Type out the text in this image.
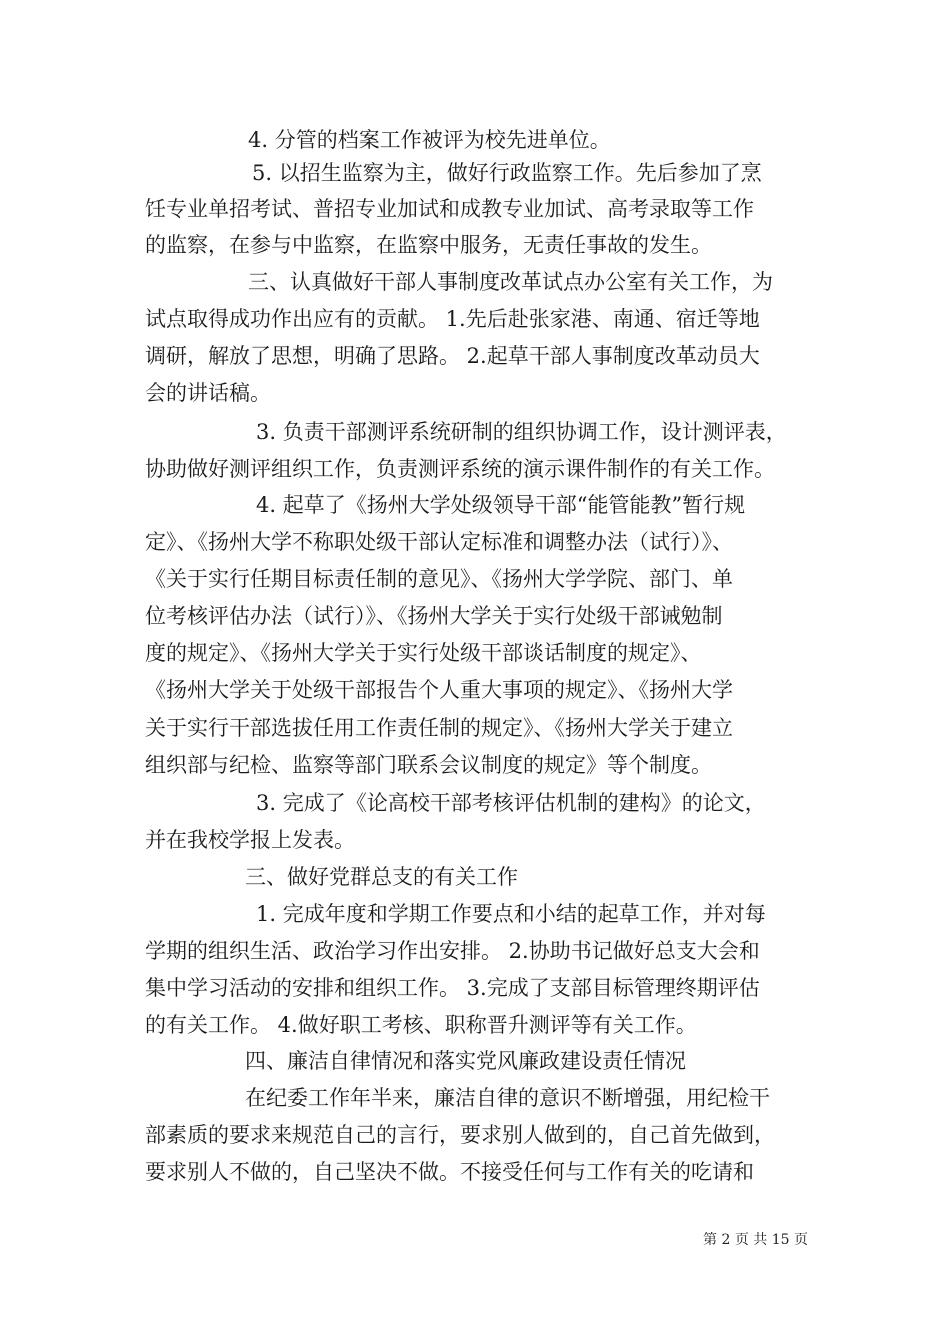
4. 分管的档案工作被评为校先进单位。
5. 以招生监察为主，做好行政监察工作。先后参加了烹
饪专业单招考试、普招专业加试和成教专业加试、高考录取等工作
的监察，在参与中监察，在监察中服务，无责任事故的发生。
三、认真做好干部人事制度改革试点办公室有关工作，为
试点取得成功作出应有的贡献。 1.先后赴张家港、南通、宿迁等地
调研，解放了思想，明确了思路。 2.起草干部人事制度改革动员大
会的讲话稿。
3. 负责干部测评系统研制的组织协调工作，设计测评表，
协助做好测评组织工作，负责测评系统的演示课件制作的有关工作。
4. 起草了《扬州大学处级领导干部“能管能教”暂行规
定》、《扬州大学不称职处级干部认定标准和调整办法（试行）》、
《关于实行任期目标责任制的意见》、《扬州大学学院、部门、单
位考核评估办法（试行）》、《扬州大学关于实行处级干部诫勉制
度的规定》、《扬州大学关于实行处级干部谈话制度的规定》、
《扬州大学关于处级干部报告个人重大事项的规定》、《扬州大学
关于实行干部选拔任用工作责任制的规定》、《扬州大学关于建立
组织部与纪检、监察等部门联系会议制度的规定》等个制度。
3. 完成了《论高校干部考核评估机制的建构》的论文，
并在我校学报上发表。
三、做好党群总支的有关工作
1. 完成年度和学期工作要点和小结的起草工作，并对每
学期的组织生活、政治学习作出安排。 2.协助书记做好总支大会和
集中学习活动的安排和组织工作。 3.完成了支部目标管理终期评估
的有关工作。 4.做好职工考核、职称晋升测评等有关工作。
四、廉洁自律情况和落实党风廉政建设责任情况
在纪委工作年半来，廉洁自律的意识不断增强，用纪检干
部素质的要求来规范自己的言行，要求别人做到的，自己首先做到，
要求别人不做的，自己坚决不做。不接受任何与工作有关的吃请和
第 2 页 共 15 页
